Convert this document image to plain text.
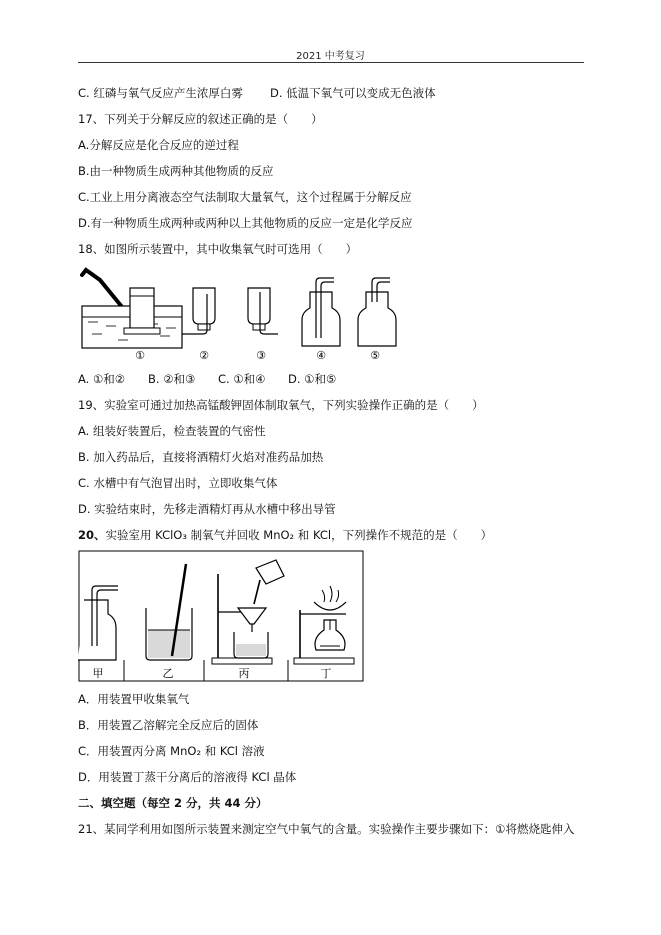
2021 中考复习
C. 红磷与氧气反应产生浓厚白雾 D. 低温下氧气可以变成无色液体
17、下列关于分解反应的叙述正确的是（　　）
A.分解反应是化合反应的逆过程
B.由一种物质生成两种其他物质的反应
C.工业上用分离液态空气法制取大量氧气，这个过程属于分解反应
D.有一种物质生成两种或两种以上其他物质的反应一定是化学反应
18、如图所示装置中，其中收集氧气时可选用（　　）
①	②	③	④	⑤
A. ①和② B. ②和③ C. ①和④ D. ①和⑤
19、实验室可通过加热高锰酸钾固体制取氧气，下列实验操作正确的是（　　）
A. 组装好装置后，检查装置的气密性
B. 加入药品后，直接将酒精灯火焰对准药品加热
C. 水槽中有气泡冒出时，立即收集气体
D. 实验结束时，先移走酒精灯再从水槽中移出导管
20、实验室用 KClO₃ 制氧气并回收 MnO₂ 和 KCl，下列操作不规范的是（　　）
甲	乙	丙	丁
A．用装置甲收集氧气
B．用装置乙溶解完全反应后的固体
C．用装置丙分离 MnO₂ 和 KCl 溶液
D．用装置丁蒸干分离后的溶液得 KCl 晶体
二、填空题（每空 2 分，共 44 分）
21、某同学利用如图所示装置来测定空气中氧气的含量。实验操作主要步骤如下：①将燃烧匙伸入
